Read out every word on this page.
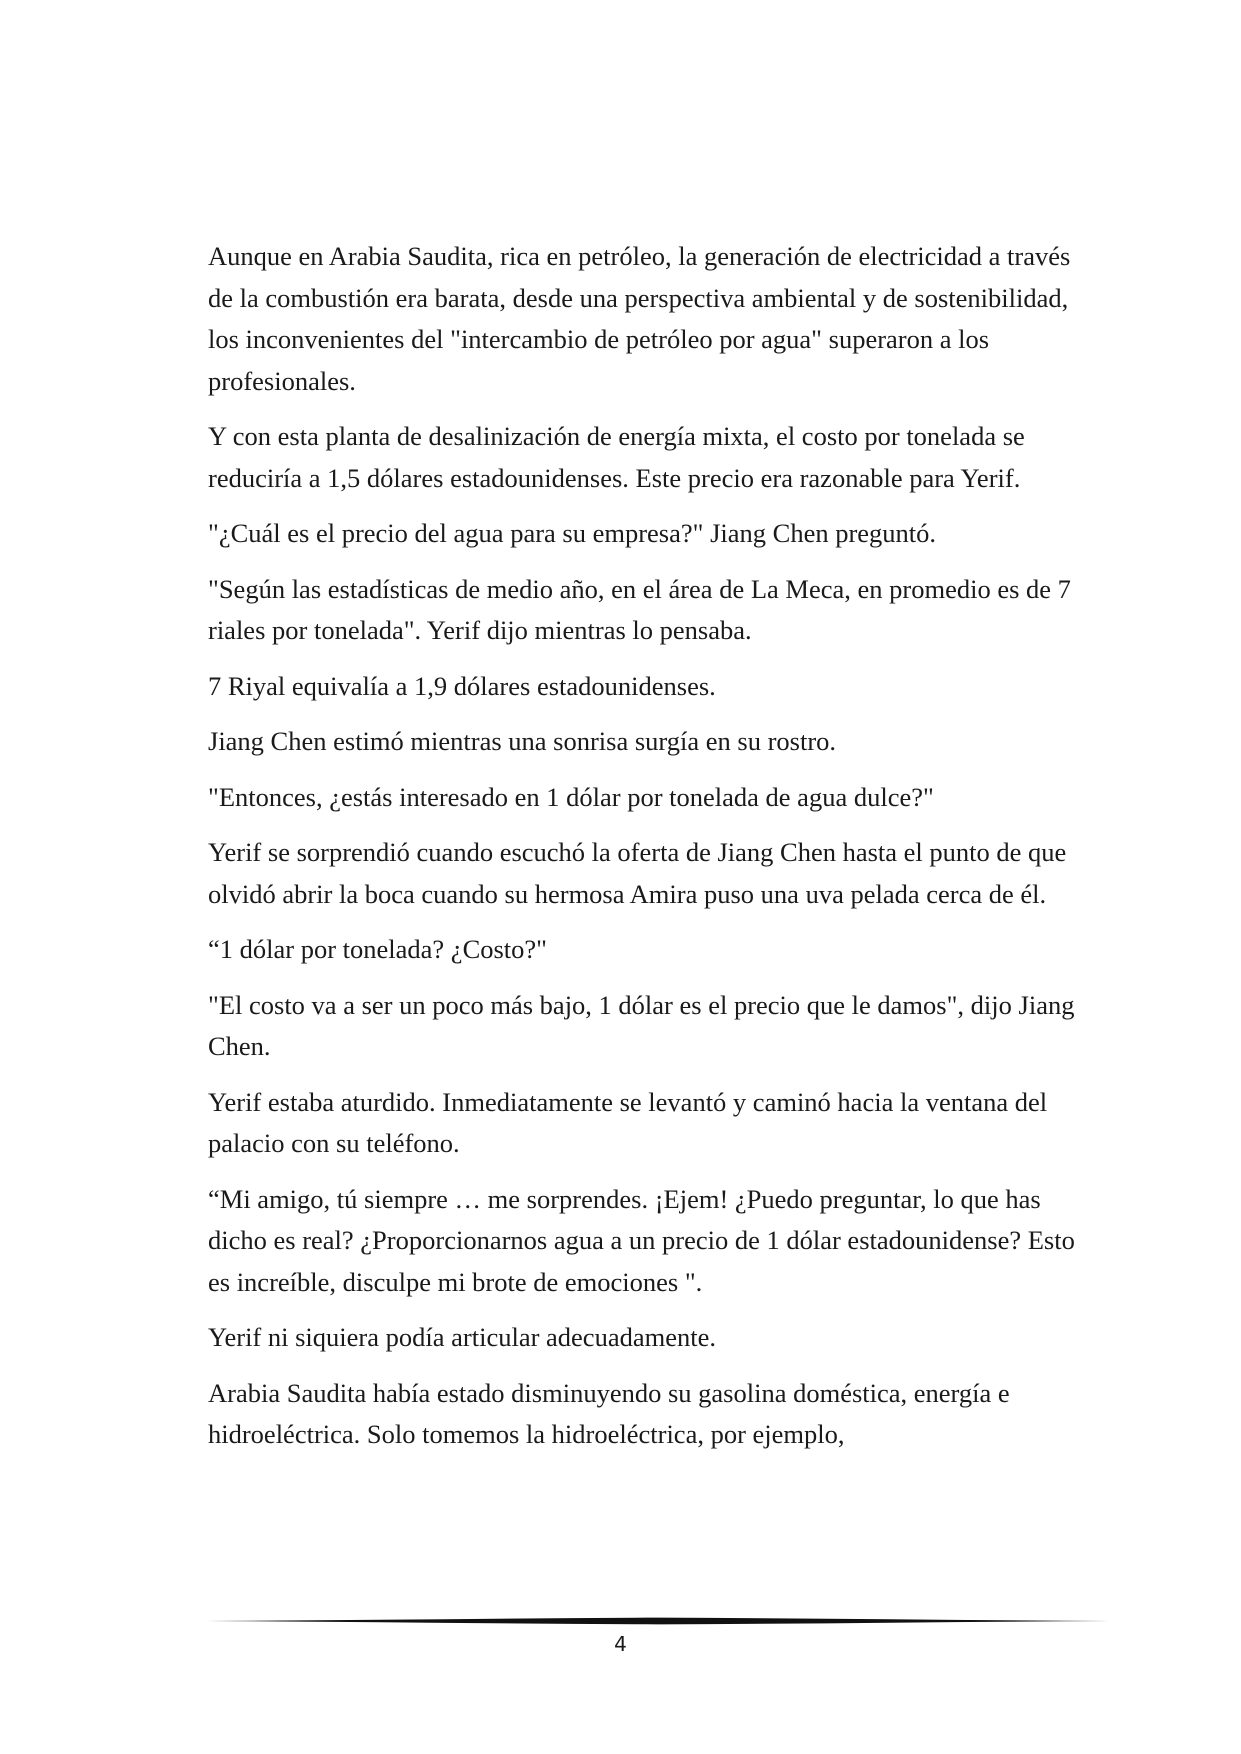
Aunque en Arabia Saudita, rica en petróleo, la generación de electricidad a través de la combustión era barata, desde una perspectiva ambiental y de sostenibilidad, los inconvenientes del "intercambio de petróleo por agua" superaron a los profesionales.

Y con esta planta de desalinización de energía mixta, el costo por tonelada se reduciría a 1,5 dólares estadounidenses. Este precio era razonable para Yerif.

"¿Cuál es el precio del agua para su empresa?" Jiang Chen preguntó.

"Según las estadísticas de medio año, en el área de La Meca, en promedio es de 7 riales por tonelada". Yerif dijo mientras lo pensaba.

7 Riyal equivalía a 1,9 dólares estadounidenses.

Jiang Chen estimó mientras una sonrisa surgía en su rostro.

"Entonces, ¿estás interesado en 1 dólar por tonelada de agua dulce?"

Yerif se sorprendió cuando escuchó la oferta de Jiang Chen hasta el punto de que olvidó abrir la boca cuando su hermosa Amira puso una uva pelada cerca de él.

“1 dólar por tonelada? ¿Costo?"

"El costo va a ser un poco más bajo, 1 dólar es el precio que le damos", dijo Jiang Chen.

Yerif estaba aturdido. Inmediatamente se levantó y caminó hacia la ventana del palacio con su teléfono.

“Mi amigo, tú siempre … me sorprendes. ¡Ejem! ¿Puedo preguntar, lo que has dicho es real? ¿Proporcionarnos agua a un precio de 1 dólar estadounidense? Esto es increíble, disculpe mi brote de emociones ".

Yerif ni siquiera podía articular adecuadamente.

Arabia Saudita había estado disminuyendo su gasolina doméstica, energía e hidroeléctrica. Solo tomemos la hidroeléctrica, por ejemplo,

4
